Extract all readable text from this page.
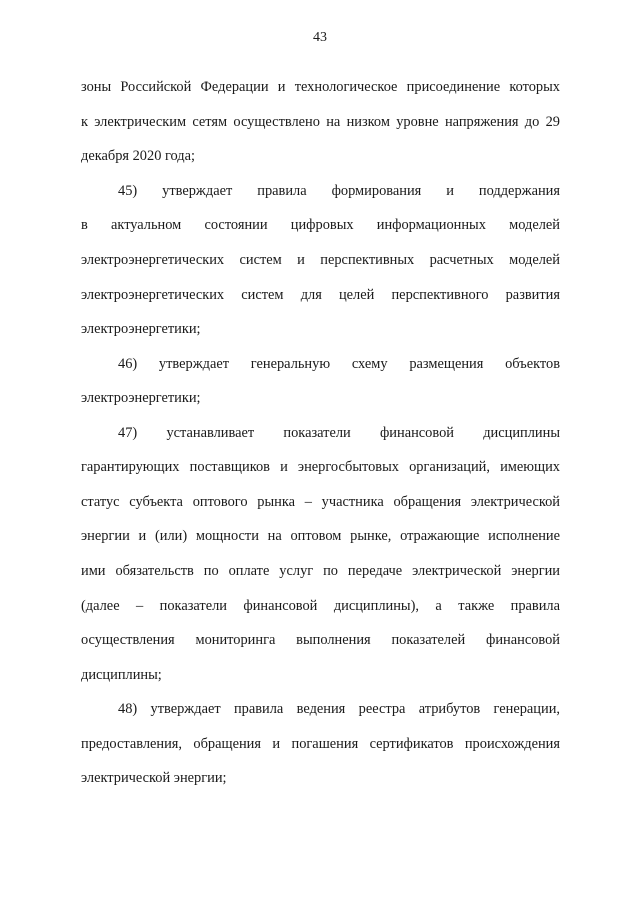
43
зоны Российской Федерации и технологическое присоединение которых
к электрическим сетям осуществлено на низком уровне напряжения до 29
декабря 2020 года;
45) утверждает правила формирования и поддержания
в актуальном состоянии цифровых информационных моделей
электроэнергетических систем и перспективных расчетных моделей
электроэнергетических систем для целей перспективного развития
электроэнергетики;
46) утверждает генеральную схему размещения объектов
электроэнергетики;
47) устанавливает показатели финансовой дисциплины
гарантирующих поставщиков и энергосбытовых организаций, имеющих
статус субъекта оптового рынка – участника обращения электрической
энергии и (или) мощности на оптовом рынке, отражающие исполнение
ими обязательств по оплате услуг по передаче электрической энергии
(далее – показатели финансовой дисциплины), а также правила
осуществления мониторинга выполнения показателей финансовой
дисциплины;
48) утверждает правила ведения реестра атрибутов генерации,
предоставления, обращения и погашения сертификатов происхождения
электрической энергии;
